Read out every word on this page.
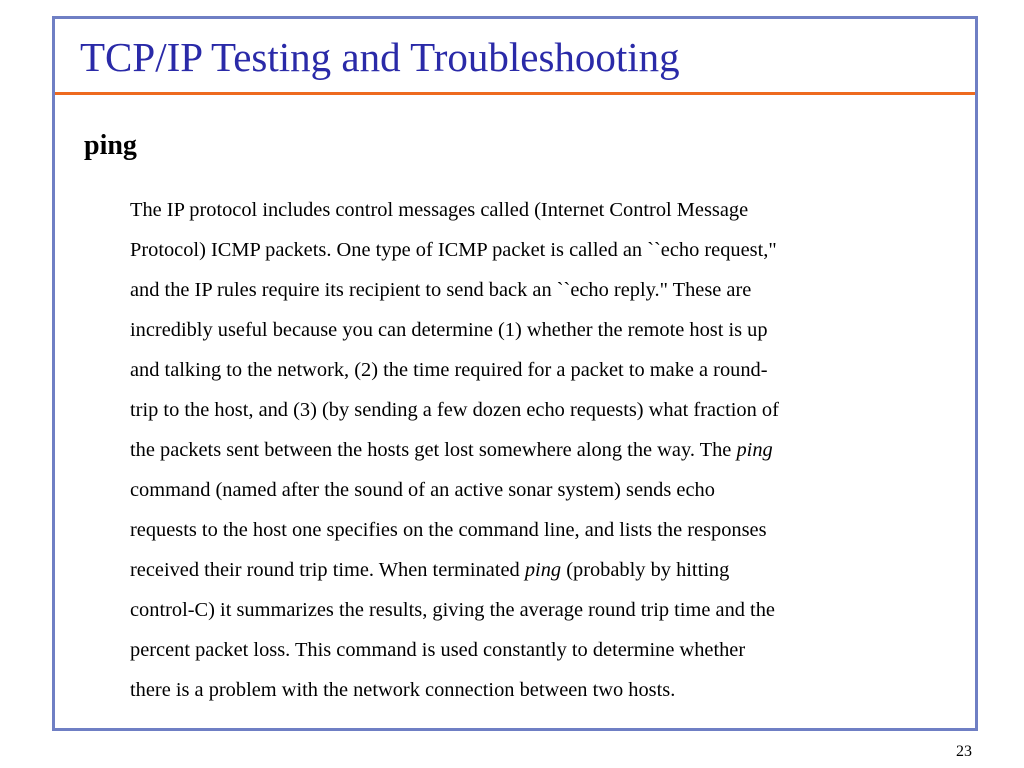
TCP/IP Testing and Troubleshooting
ping

The IP protocol includes control messages called (Internet Control Message
Protocol) ICMP packets. One type of ICMP packet is called an ``echo request,"
and the IP rules require its recipient to send back an ``echo reply." These are
incredibly useful because you can determine (1) whether the remote host is up
and talking to the network, (2) the time required for a packet to make a round-
trip to the host, and (3) (by sending a few dozen echo requests) what fraction of
the packets sent between the hosts get lost somewhere along the way. The ping
command (named after the sound of an active sonar system) sends echo
requests to the host one specifies on the command line, and lists the responses
received their round trip time. When terminated ping (probably by hitting
control-C) it summarizes the results, giving the average round trip time and the
percent packet loss. This command is used constantly to determine whether
there is a problem with the network connection between two hosts.

23
